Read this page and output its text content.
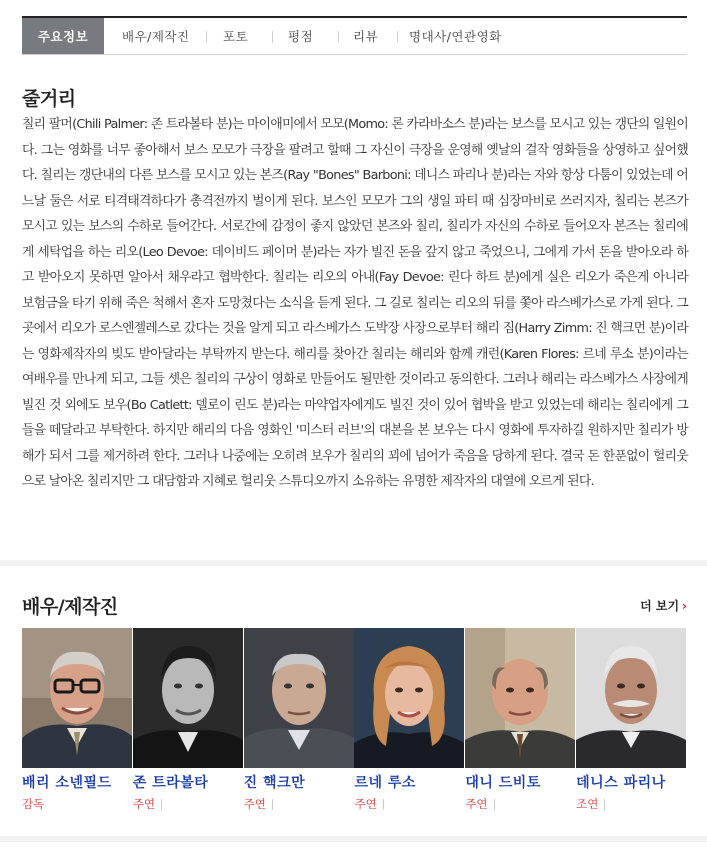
주요정보	배우/제작진	포토	평점	리뷰	명대사/연관영화
줄거리
칠리 팔머(Chili Palmer: 존 트라볼타 분)는 마이애미에서 모모(Momo: 론 카라바소스 분)라는 보스를 모시고 있는 갱단의 일원이다. 그는 영화를 너무 좋아해서 보스 모모가 극장을 팔려고 할때 그 자신이 극장을 운영해 옛날의 걸작 영화들을 상영하고 싶어했다. 칠리는 갱단내의 다른 보스를 모시고 있는 본즈(Ray "Bones" Barboni: 데니스 파리나 분)라는 자와 항상 다툼이 있었는데 어느날 둘은 서로 티격태격하다가 총격전까지 벌이게 된다. 보스인 모모가 그의 생일 파티 때 심장마비로 쓰러지자, 칠리는 본즈가 모시고 있는 보스의 수하로 들어간다. 서로간에 감정이 좋지 않았던 본즈와 칠리, 칠리가 자신의 수하로 들어오자 본즈는 칠리에게 세탁업을 하는 리오(Leo Devoe: 데이비드 페이머 분)라는 자가 빌진 돈을 갚지 않고 죽었으니, 그에게 가서 돈을 받아오라 하고 받아오지 못하면 알아서 채우라고 협박한다. 칠리는 리오의 아내(Fay Devoe: 린다 하트 분)에게 실은 리오가 죽은게 아니라 보험금을 타기 위해 죽은 척해서 혼자 도망쳤다는 소식을 듣게 된다. 그 길로 칠리는 리오의 뒤를 쫓아 라스베가스로 가게 된다. 그곳에서 리오가 로스엔젤레스로 갔다는 것을 알게 되고 라스베가스 도박장 사장으로부터 해리 짐(Harry Zimm: 진 핵크먼 분)이라는 영화제작자의 빚도 받아달라는 부탁까지 받는다. 해리를 찾아간 칠리는 해리와 함께 캐런(Karen Flores: 르네 루소 분)이라는 여배우를 만나게 되고, 그들 셋은 칠리의 구상이 영화로 만들어도 될만한 것이라고 동의한다. 그러나 해리는 라스베가스 사장에게 빌진 것 외에도 보우(Bo Catlett: 델로이 린도 분)라는 마약업자에게도 빌진 것이 있어 협박을 받고 있었는데 해리는 칠리에게 그들을 떼달라고 부탁한다. 하지만 해리의 다음 영화인 '미스터 러브'의 대본을 본 보우는 다시 영화에 투자하길 원하지만 칠리가 방해가 되서 그를 제거하려 한다. 그러나 나중에는 오히려 보우가 칠리의 꾀에 넘어가 죽음을 당하게 된다. 결국 돈 한푼없이 헐리웃으로 날아온 칠리지만 그 대담함과 지혜로 헐리웃 스튜디오까지 소유하는 유명한 제작자의 대열에 오르게 된다.
배우/제작진	더 보기 ›
배리 소넨필드
감독
존 트라볼타
주연
진 핵크만
주연
르네 루소
주연
대니 드비토
주연
데니스 파리나
조연
